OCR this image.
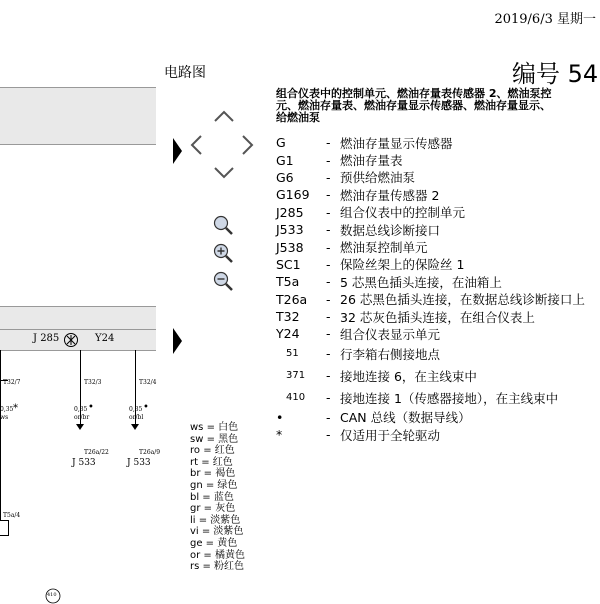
2019/6/3 星期一
电路图	编号 54
J 285	Y24
T32/7	T32/3	T32/4
0,35 *
ws
0,35 •
or/br
0,35 •
or/bl
T26a/22	T26a/9
J 533	J 533
T5a/4
410
组合仪表中的控制单元、燃油存量表传感器 2、燃油泵控
元、燃油存量表、燃油存量显示传感器、燃油存量显示、
给燃油泵
G	- 燃油存量显示传感器
G1	- 燃油存量表
G6	- 预供给燃油泵
G169	- 燃油存量传感器 2
J285	- 组合仪表中的控制单元
J533	- 数据总线诊断接口
J538	- 燃油泵控制单元
SC1	- 保险丝架上的保险丝 1
T5a	- 5 芯黑色插头连接，在油箱上
T26a	- 26 芯黑色插头连接，在数据总线诊断接口上
T32	- 32 芯灰色插头连接，在组合仪表上
Y24	- 组合仪表显示单元
51	- 行李箱右侧接地点
371	- 接地连接 6，在主线束中
410	- 接地连接 1（传感器接地），在主线束中
•	- CAN 总线（数据导线）
*	- 仅适用于全轮驱动
ws = 白色
sw = 黑色
ro = 红色
rt = 红色
br = 褐色
gn = 绿色
bl = 蓝色
gr = 灰色
li = 淡紫色
vi = 淡紫色
ge = 黄色
or = 橘黄色
rs = 粉红色
